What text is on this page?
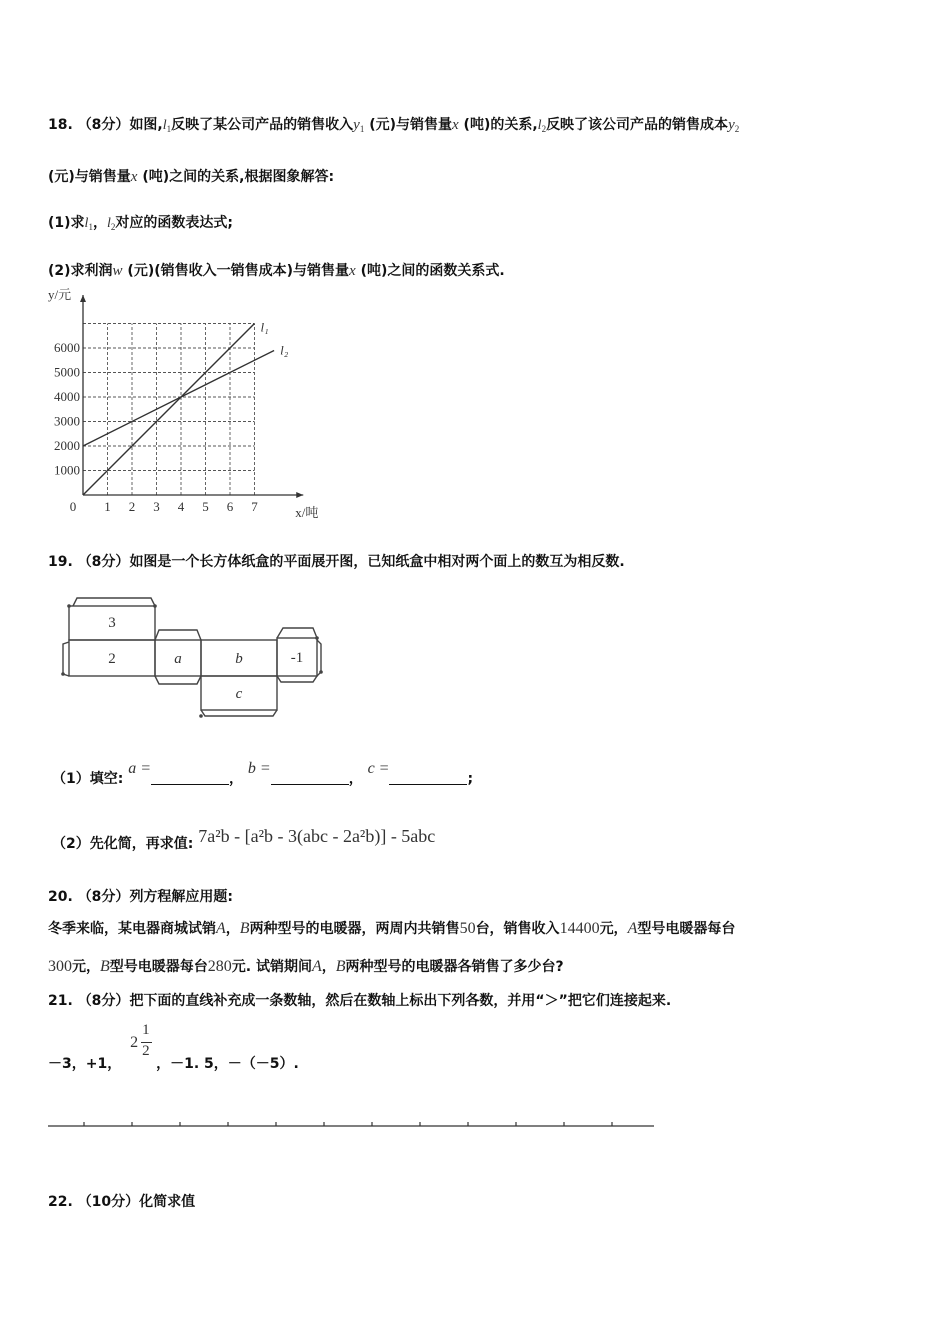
18. （8分）如图$,l_1$反映了某公司产品的销售收入$y_1$ (元)与销售量x (吨)的关系$,l_2$反映了该公司产品的销售成本$y_2$
(元)与销售量x (吨)之间的关系,根据图象解答:
(1)求$l_1$，$l_2$对应的函数表达式;
(2)求利润w (元)(销售收入一销售成本)与销售量x (吨)之间的函数关系式.
1 2 3 4 5 6 7
1000
2000
3000
4000
5000
6000
0
y/元
x/吨
l₁
l₂
19. （8分）如图是一个长方体纸盒的平面展开图，已知纸盒中相对两个面上的数互为相反数.
3
2	a	b	-1
c
（1）填空: a =， b =， c =;
（2）先化简，再求值: 7a²b - [a²b - 3(abc - 2a²b)] - 5abc
20. （8分）列方程解应用题:
冬季来临，某电器商城试销A，B两种型号的电暖器，两周内共销售50台，销售收入14400元，A型号电暖器每台
300元，B型号电暖器每台280元. 试销期间A，B两种型号的电暖器各销售了多少台?
21. （8分）把下面的直线补充成一条数轴，然后在数轴上标出下列各数，并用“＞”把它们连接起来.
－3，+1，
2
1
2
，－1. 5，－（－5）.
22. （10分）化简求值
